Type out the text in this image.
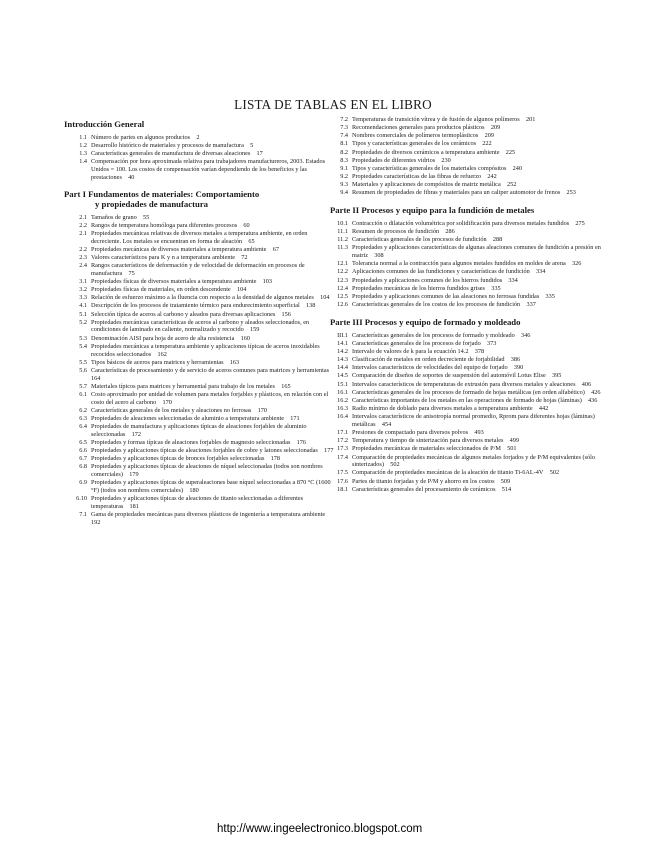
LISTA DE TABLAS EN EL LIBRO
Introducción General
1.1 Número de partes en algunos productos  2
1.2 Desarrollo histórico de materiales y procesos de manufactura  5
1.3 Características generales de manufactura de diversas aleaciones  17
1.4 Compensación por hora aproximada relativa para trabajadores manufactureros, 2003. Estados Unidos = 100. Los costos de compensación varían dependiendo de los beneficios y las prestaciones  40
Part I Fundamentos de materiales: Comportamiento
y propiedades de manufactura
2.1 Tamaños de grano  55
2.2 Rangos de temperatura homóloga para diferentes procesos  60
2.1 Propiedades mecánicas relativas de diversos metales a temperatura ambiente, en orden decreciente. Los metales se encuentran en forma de aleación  65
2.2 Propiedades mecánicas de diversos materiales a temperatura ambiente  67
2.3 Valores característicos para K y n a temperatura ambiente  72
2.4 Rangos característicos de deformación y de velocidad de deformación en procesos de manufactura  75
3.1 Propiedades físicas de diversos materiales a temperatura ambiente  103
3.2 Propiedades físicas de materiales, en orden descendente  104
3.3 Relación de esfuerzo máximo a la fluencia con respecto a la densidad de algunos metales  104
4.1 Descripción de los procesos de tratamiento térmico para endurecimiento superficial  138
5.1 Selección típica de aceros al carbono y aleados para diversas aplicaciones  156
5.2 Propiedades mecánicas características de aceros al carbono y aleados seleccionados, en condiciones de laminado en caliente, normalizado y recocido  159
5.3 Denominación AISI para hoja de acero de alta resistencia  160
5.4 Propiedades mecánicas a temperatura ambiente y aplicaciones típicas de aceros inoxidables recocidos seleccionados  162
5.5 Tipos básicos de aceros para matrices y herramientas  163
5.6 Características de procesamiento y de servicio de aceros comunes para matrices y herramientas 164
5.7 Materiales típicos para matrices y herramental para trabajo de los metales  165
6.1 Costo aproximado por unidad de volumen para metales forjables y plásticos, en relación con el costo del acero al carbono  170
6.2 Características generales de los metales y aleaciones no ferrosas  170
6.3 Propiedades de aleaciones seleccionadas de aluminio a temperatura ambiente  171
6.4 Propiedades de manufactura y aplicaciones típicas de aleaciones forjables de aluminio seleccionadas  172
6.5 Propiedades y formas típicas de aleaciones forjables de magnesio seleccionadas  176
6.6 Propiedades y aplicaciones típicas de aleaciones forjables de cobre y latones seleccionadas  177
6.7 Propiedades y aplicaciones típicas de bronces forjables seleccionadas  178
6.8 Propiedades y aplicaciones típicas de aleaciones de níquel seleccionadas (todos son nombres comerciales)  179
6.9 Propiedades y aplicaciones típicas de superaleaciones base níquel seleccionadas a 870 °C (1600 °F) (todos son nombres comerciales)  180
6.10 Propiedades y aplicaciones típicas de aleaciones de titanio seleccionadas a diferentes temperaturas  181
7.1 Gama de propiedades mecánicas para diversos plásticos de ingeniería a temperatura ambiente 192
7.2 Temperaturas de transición vítrea y de fusión de algunos polímeros  201
7.3 Recomendaciones generales para productos plásticos  209
7.4 Nombres comerciales de polímeros termoplásticos  209
8.1 Tipos y características generales de los cerámicos  222
8.2 Propiedades de diversos cerámicos a temperatura ambiente  225
8.3 Propiedades de diferentes vidrios  230
9.1 Tipos y características generales de los materiales compósitos  240
9.2 Propiedades características de las fibras de refuerzo  242
9.3 Materiales y aplicaciones de compósitos de matriz metálica  252
9.4 Resumen de propiedades de fibras y materiales para un caliper automotor de frenos  253
Parte II Procesos y equipo para la fundición de metales
10.1 Contracción o dilatación volumétrica por solidificación para diversos metales fundidos  275
11.1 Resumen de procesos de fundición  286
11.2 Características generales de los procesos de fundición  288
11.3 Propiedades y aplicaciones características de algunas aleaciones comunes de fundición a presión en matriz  308
12.1 Tolerancia normal a la contracción para algunos metales fundidos en moldes de arena  326
12.2 Aplicaciones comunes de las fundiciones y características de fundición  334
12.3 Propiedades y aplicaciones comunes de los hierros fundidos  334
12.4 Propiedades mecánicas de los hierros fundidos grises  335
12.5 Propiedades y aplicaciones comunes de las aleaciones no ferrosas fundidas  335
12.6 Características generales de los costos de los procesos de fundición  337
Parte III Procesos y equipo de formado y moldeado
III.1 Características generales de los procesos de formado y moldeado  346
14.1 Características generales de los procesos de forjado  373
14.2 Intervalo de valores de k para la ecuación 14.2  378
14.3 Clasificación de metales en orden decreciente de forjabilidad  386
14.4 Intervalos característicos de velocidades del equipo de forjado  390
14.5 Comparación de diseños de soportes de suspensión del automóvil Lotus Elise  395
15.1 Intervalos característicos de temperaturas de extrusión para diversos metales y aleaciones  406
16.1 Características generales de los procesos de formado de hojas metálicas (en orden alfabético)  426
16.2 Características importantes de los metales en las operaciones de formado de hojas (láminas)  436
16.3 Radio mínimo de doblado para diversos metales a temperatura ambiente  442
16.4 Intervalos característicos de anisotropía normal promedio, Rprom para diferentes hojas (láminas) metálicas  454
17.1 Presiones de compactado para diversos polvos  493
17.2 Temperatura y tiempo de sinterización para diversos metales  499
17.3 Propiedades mecánicas de materiales seleccionados de P/M  501
17.4 Comparación de propiedades mecánicas de algunos metales forjados y de P/M equivalentes (sólo sinterizados)  502
17.5 Comparación de propiedades mecánicas de la aleación de titanio Ti-6AL-4V  502
17.6 Partes de titanio forjadas y de P/M y ahorro en los costos  509
18.1 Características generales del procesamiento de cerámicos  514
http://www.ingeelectronico.blogspot.com
